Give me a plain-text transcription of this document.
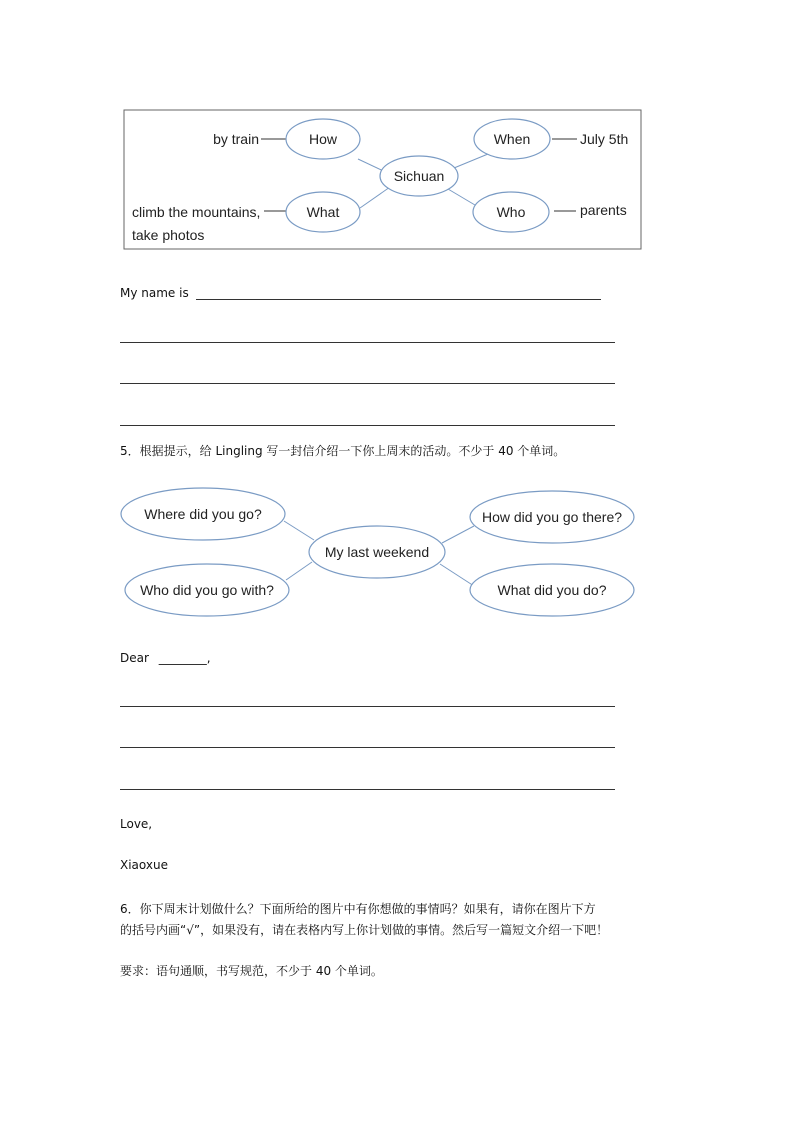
How	When
Sichuan
What	Who
by train	July 5th
climb the mountains,
take photos
parents
My name is
5．根据提示，给 Lingling 写一封信介绍一下你上周末的活动。不少于 40 个单词。
Where did you go?	How did you go there?
My last weekend
Who did you go with?	What did you do?
Dear ________,
Love,
Xiaoxue
6．你下周末计划做什么？下面所给的图片中有你想做的事情吗？如果有，请你在图片下方
的括号内画“√”，如果没有，请在表格内写上你计划做的事情。然后写一篇短文介绍一下吧！
要求：语句通顺，书写规范，不少于 40 个单词。
